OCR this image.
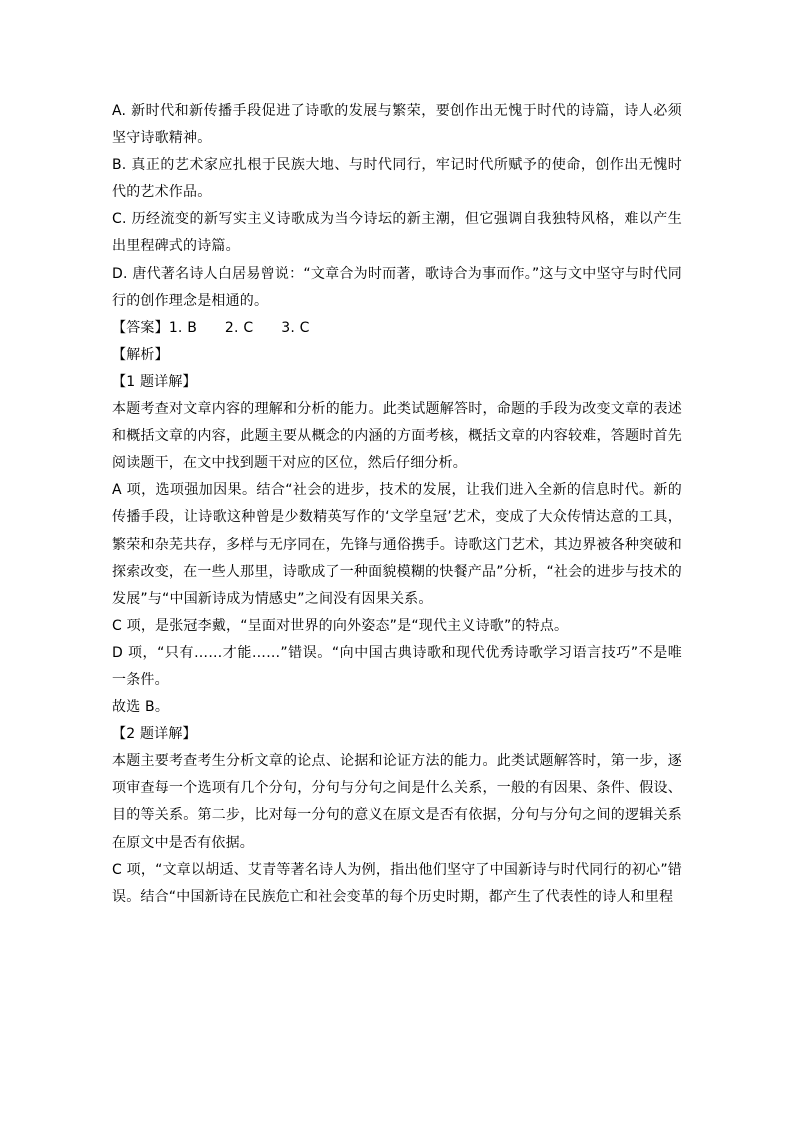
A. 新时代和新传播手段促进了诗歌的发展与繁荣，要创作出无愧于时代的诗篇，诗人必须坚守诗歌精神。

B. 真正的艺术家应扎根于民族大地、与时代同行，牢记时代所赋予的使命，创作出无愧时代的艺术作品。

C. 历经流变的新写实主义诗歌成为当今诗坛的新主潮，但它强调自我独特风格，难以产生出里程碑式的诗篇。

D. 唐代著名诗人白居易曾说：“文章合为时而著，歌诗合为事而作。”这与文中坚守与时代同行的创作理念是相通的。

【答案】1. B      2. C      3. C

【解析】

【1 题详解】

本题考查对文章内容的理解和分析的能力。此类试题解答时，命题的手段为改变文章的表述和概括文章的内容，此题主要从概念的内涵的方面考核，概括文章的内容较难，答题时首先阅读题干，在文中找到题干对应的区位，然后仔细分析。

A 项，选项强加因果。结合“社会的进步，技术的发展，让我们进入全新的信息时代。新的传播手段，让诗歌这种曾是少数精英写作的‘文学皇冠’艺术，变成了大众传情达意的工具，繁荣和杂芜共存，多样与无序同在，先锋与通俗携手。诗歌这门艺术，其边界被各种突破和探索改变，在一些人那里，诗歌成了一种面貌模糊的快餐产品”分析，“社会的进步与技术的发展”与“中国新诗成为情感史”之间没有因果关系。

C 项，是张冠李戴，“呈面对世界的向外姿态”是“现代主义诗歌”的特点。

D 项，“只有……才能……”错误。“向中国古典诗歌和现代优秀诗歌学习语言技巧”不是唯一条件。

故选 B。

【2 题详解】

本题主要考查考生分析文章的论点、论据和论证方法的能力。此类试题解答时，第一步，逐项审查每一个选项有几个分句，分句与分句之间是什么关系，一般的有因果、条件、假设、目的等关系。第二步，比对每一分句的意义在原文是否有依据，分句与分句之间的逻辑关系在原文中是否有依据。

C 项，“文章以胡适、艾青等著名诗人为例，指出他们坚守了中国新诗与时代同行的初心”错误。结合“中国新诗在民族危亡和社会变革的每个历史时期，都产生了代表性的诗人和里程
